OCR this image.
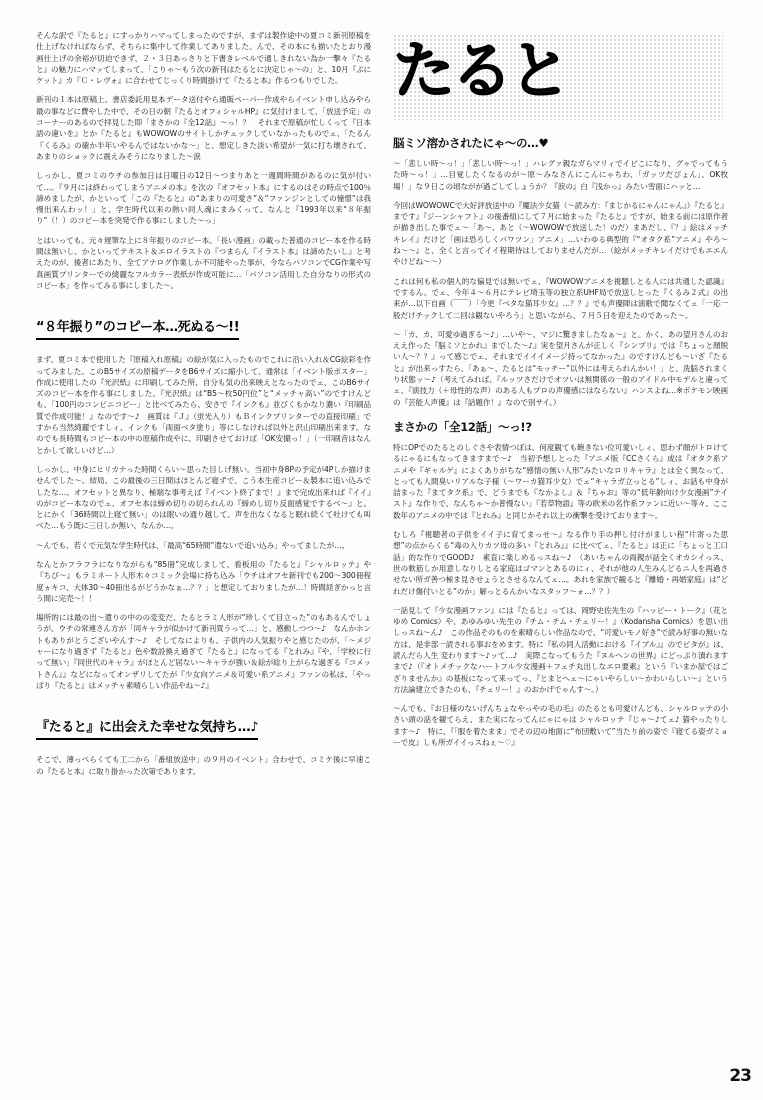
そんな訳で『たると』にすっかりハマってしまったのですが、まずは製作途中の夏コミ新刊原稿を仕上げなければならず、そちらに集中して作業してありました。んで、その本にも描いたとおり漫画仕上げの余裕が切迫できず、２・３日あっさりと下書きレベルで通しきれない為か一撃々『たると』の魅力にハマッてしまって、「こりゃ～もう次の新刊はたるとに決定じゃ～の」と、10月『ぷにケット』カ『Ｃ・レヴォ』に合わせてじっくり時間掛けて『たると本』作るつもりでした。

新刊の１本は原稿上、書店委託用見本データ送付やら通販ペーパー作成やらイベント申し込みやら最の事などに費やした中で、その日の朝『たるとオフィシャルHP』に気付けまして、「放送予定」のコーナーのあるので拝見した即「まさかの『全12話』～っ！？　それまで原稿が忙しくって『日本語の違いを』とか『たると』もWOWOWのサイトしかチェックしていなかったものでェ、「たるん『くるみ』の確か半年いやるんではないかな～」と、想定しきた淡い希望が一気に打ち壊されて、あまりのショックに震えみそうになりました～涙

しっかし、夏コミのウチの参加日は日曜日の12日～つまりあと一週間時間があるのに気が付いて…。『９月には終わってしまうアニメの本』を次の『オフセット本』にするのはその時点で100％諦めましたが、かといって「この『たると』の“あまりの可愛さ”＆“ファンジンとしての憧憬”は我慢出来んわッ！」と、学生時代以来の熱い同人魂にまみくって、なんと『1993年以来“８年振り”（！）のコピー本を突発で作る事にしました～っ」

とはいっても、元々遅筆な上に８年振りのコピー本、「長い漫画」の載った普通のコピー本を作る時間は無いし、かといってテキスト＆エロイラストの『つまらん『イラスト本』は諦めたいし』と考えたのが、後者にあたり、全てアナログ作業しか不可能やった事が、今ならパソコンでCG作業や写真画質プリンターでの綺麗なフルカラー表紙が作成可能に…「パソコン活用した自分なりの形式のコピー本」を作ってみる事にしました～。

“８年振り”のコピー本…死ぬる～!!

まず、夏コミ本で使用した『原稿入れ原稿』の絵が気に入ったものでこれに沿い入れ＆CG絵彩を作ってみました。このB5サイズの原稿データをB6サイズに縮小して、通常は「イベント版ポスター」作成に使用したの『光沢紙』に印刷してみた所、自分も気の出来映えとなったのでェ、このB6サイズのコピー本を作る事にしました。『光沢紙』は“B5～枚50円位”と“メッチャ高い”のですけんども、「100円のコンビニコピー」と比べてみたら、安さで『インクも』並びくもかなり濃い『印刷品質で作成可能！』なのです～♪　画質は『Ｊ』（蛍光入り）もＢインクプリンターでの直接印刷」ですから当然綺麗ですしィ、インクも「両面ベタ塗り」等にしなければ以外と沢山印刷出来ます。なのでも長時間もコピー本の中の原稿作成やに、印刷させておけば「OK安撮っ！」（一印刷音はなんとかして欲しいけど…）

しっかし、中身にヒリカナった時間くらい～思った目しげ無い。当初中身8Pの予定が4Pしか描けませんでした～。結局、この最後の三日間はほとんど寝ずで、こう本生産コピー＆製本に追い込みでしたな…。オフセットと異なり、極端な事考えば『イベント終了まで！』まで完成出来れば『イイ』のがコピー本なのでェ、オフセ本は締め切りの切られんの『締めし切り反面感覚でするべ～』と。とにかく「36時間以上寝て無い」のは眠いの通り越して、声を出なくなると眠れ続くて吐けても叫べた…もう既に三日しか無い、なんか…。

～んでも、若くで元気な学生時代は、「最高“65時間”遣ないで追い込み」やってましたが…。

なんとかフラフラになりながらも“85冊”完成しまして、看板用の『たると』『シャルロッテ』や『ちび～』もラミネート人形木々コミック会場に持ち込み「ウチはオフセ新刊でも200～300冊程度ヵキコ、大体30～40冊出るがどうかなぁ…？？」と想定しておりましたが…！時間経ぎかっと言う間に完売～！！

場所的には最の出～遣りの中のの変変だ、たるとラミ人形が“珍しくて目立った”のもあるんでしょうが、ウチの常連さん方が「同キャラが似かけて新刊買うって…」と、感動しつつ～♪　なんかホントもありがとうございやんす～♪　そしてなによりも、子供内の人気振りやと感じたのが、「～メジャーになり過ぎず『たると』色や数設換え過ぎて『たると』になってる『とれみ』『や、「学校に行って無い」『同世代のキャラ』がほとんど居ない～キャラが強い＆絵が総り上がらな過ぎる『コメットさん』』などになってオンザリしてたが『少女向アニメ＆可愛い系アニメ』ファンの私は、「やっぱり『たると』はメッチャ素晴らしい作品やね～♪』

『たると』に出会えた幸せな気持ち…♪

そこで、薄っぺらくても工二から「番組放送中」の９月のイベント」合わせで、コミケ後に早速この『たると本』に取り掛かった次第であります。

たると
脳ミソ溶かされたにゃ～の…♥

～「悲しい時～っ！」「悲しい時～っ！」ハレグァ親なガらマリィでイビこになり、グゥでってもうた時～っ！」…目覚したくなるのが～原～みなさんにこんにゃちわ、「ガッツだぴょん」、OK牧場！」な９日この頃ながが過ごしてしょうか？『涙の』白『浅かっ』みたい雪面にハッと…

今回はWOWOWCで大好評放送中の『魔法少女猫（～読み方：『まじかるにゃんにゃん』）『たると』まです』『ジーンシャフト』の後番組にして７月に始まった『たると』ですが、始まる前には原作者が描き出した事でェ～「あ～、あと（～WOWOWで放送した！のだ）まあだし、『？』絵はメッチキレイ』だけど「画は恐ろしくパワツン」アニメ」…いわゆる典型的『“オタク系”アニメ』やろ～ね～～』と、全くと言ってイイ程期待はしておりませんだが…（絵がメッチキレイだけでもエエんやけどね～～）

これは何も私の個人的な偏見では無いでェ、『WOWOWアニメを視聴しとる人には共通した認識』でするん。でェ、今年４～６月にテレビ埼玉等の独立系UHF局で放送しとった『くるみ２式』の出来が…以下自画（￣￣）「今更『ベタな猫耳少女』…？？』でも声優陣は演歌で聞なくてェ「一応一般だけチックして二回は観ないやろう」と思いながら、７月５日を迎えたのであった～。

～「カ、カ、可愛ゆ過ぎる～♪」…いや～、マジに驚きましたなぁ～』と。かく、あの望月さんのおええ作った『脳ミソとかれ』までした～♪』実を望月さんが正しく『シンプリ』では『ちょっと顔脱い人～？？』って感じでェ、それまでイイイメージ持ってなかった』のですけんども～いざ『たると』が出来っすたら、「あぁ～、たるとは“モッチー”以外には考えられんかい！」と、洗脳されまくり状態ッ～♪（考えてみれば、『ルッツさだけでオツいは無関係の一般のアイドル中モデルと違ってェ、『演技力（＋母性的な声）のある人もプロの声優感にはならない』ハンスよね…※ポケモン映画の『芸能人声優』は『話題作！』なので別サイ。）

まさかの「全12話」～っ!?

特にOPでのたるとのしぐさや表情つぼは、何度観ても飽きない位可愛いしィ、思わず顔がトロけてるにゃるにもなってきますまで～♪　当初予想しとった『アニメ版『CCさくら』或は『オタク系アニメや『ギャルゲ』によくありがちな“感情の無い人形”みたいなロリキャラ』とは全く異なって、とっても人間臭いリアルな子様（～ワーカ猫耳少女）でェ“キャラガ立っとる”しィ、お話も中身が詰まった『まてタク系』で、どうまでも『なかよし』＆『ちゃお』等の“低年齢向け少女漫画”テイスト』な作りで、なんちゃ～か普慢ない」『若草物語』等の欧米の名作系ファンに近い～等々、ここ数年のアニメの中では『とれみ』と同じかそれ以上の衝撃を受けております～。

むしろ『視聴者の子供をイイ子に育てまっせ～』なる作り手の押し付けがましい程“片寄った思想”の点からくる“毒の入りカツ母の多い『とれみ』』に比べてェ、『たると』は正に「ちょっと工口話」的な作りでGOOD♪　素直に楽しめるっスね～♪　（あいちゃんの両親が話全くオカシイっス、世の軟筋しか用意しなりしとる家庭はゴマンとあるのにィ、それが他の人生みんどるニ人を再過させない所ガ善つ極ま見させょうとさせるなんてェ…。あれを家族で観ると『離婚・再婚家庭』は“どれだけ傷付いとる”のか」解っとるんかいなスタッフ～ォ…？？）

一話見して『少女漫画ファン』には『たると』っては、岡野史佐先生の『ハッピー・トーク』（花とゆめ Comics）や、あゆみゆい先生の『チム・チム・チェリー！』（Kodansha Comics）を思い出しっスね～ん♪　この作品そのものを素晴らしい作品なので、“可愛いモノ好き”で読み好事の無いな方は、是非部一読される事おをめます。特に『私の同人活動における『イブル』』のでピタが』は、読んだら人生 変わります～♪ッて…♪　実際こなってもうた『ヌルヘンの世界』にどっぷり漬れますまで♪（『オトメチックなハートフル少女漫画＋フェチ丸出しなエロ要素』という『いまか屋ではござりませんか』の基板になって来ってっ、『とまとへェ～にゃいやらしい～かわいらしい～』という方法論建立できたのも、『チェリー！』のおかげでゃんす～。）

～んでも、『お日様のないげんちょなやっやの毛の毛』のたるとも可愛けんども、シャルロッテの小さい頭の話を観てらえ、また実になってんにゃにゃは シャルロッテ『じゃ～♪てェ♪ 猫やったりします～♪　特に、『「服を着たまま」でその辺の地面に“布団敷いて”当たり前の姿で『寝てる姿ガミョーで皮』しも所ガイイっスねぇ～♡』

23
